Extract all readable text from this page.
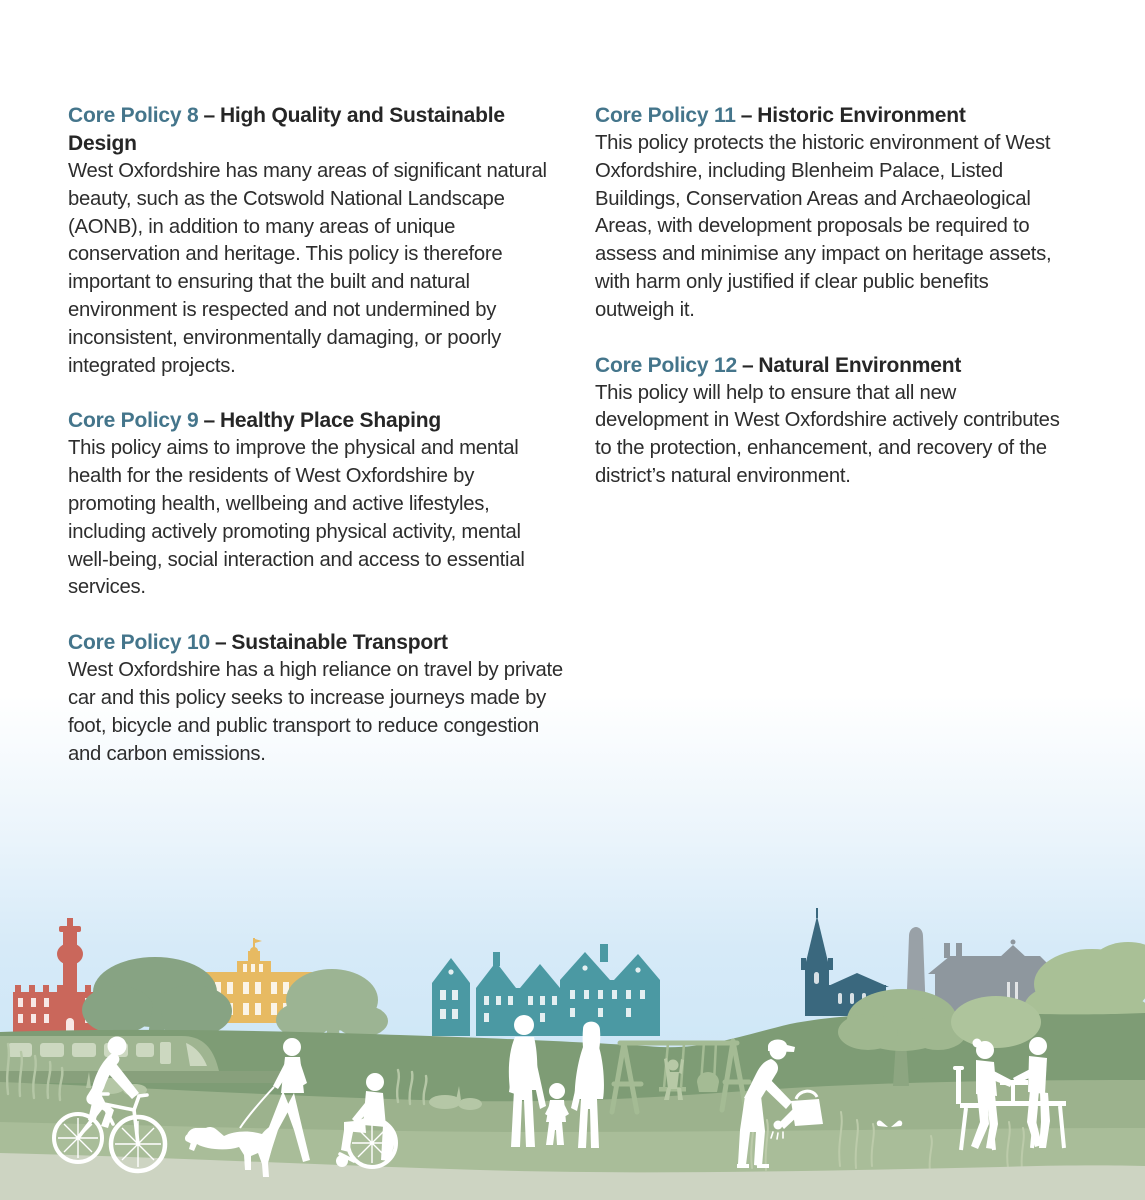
Core Policy 8 – High Quality and Sustainable Design

West Oxfordshire has many areas of significant natural beauty, such as the Cotswold National Landscape (AONB), in addition to many areas of unique conservation and heritage. This policy is therefore important to ensuring that the built and natural environment is respected and not undermined by inconsistent, environmentally damaging, or poorly integrated projects.

Core Policy 9 – Healthy Place Shaping

This policy aims to improve the physical and mental health for the residents of West Oxfordshire by promoting health, wellbeing and active lifestyles, including actively promoting physical activity, mental well-being, social interaction and access to essential services.

Core Policy 10 – Sustainable Transport

West Oxfordshire has a high reliance on travel by private car and this policy seeks to increase journeys made by foot, bicycle and public transport to reduce congestion and carbon emissions.

Core Policy 11 – Historic Environment

This policy protects the historic environment of West Oxfordshire, including Blenheim Palace, Listed Buildings, Conservation Areas and Archaeological Areas, with development proposals be required to assess and minimise any impact on heritage assets, with harm only justified if clear public benefits outweigh it.

Core Policy 12 – Natural Environment

This policy will help to ensure that all new development in West Oxfordshire actively contributes to the protection, enhancement, and recovery of the district’s natural environment.
